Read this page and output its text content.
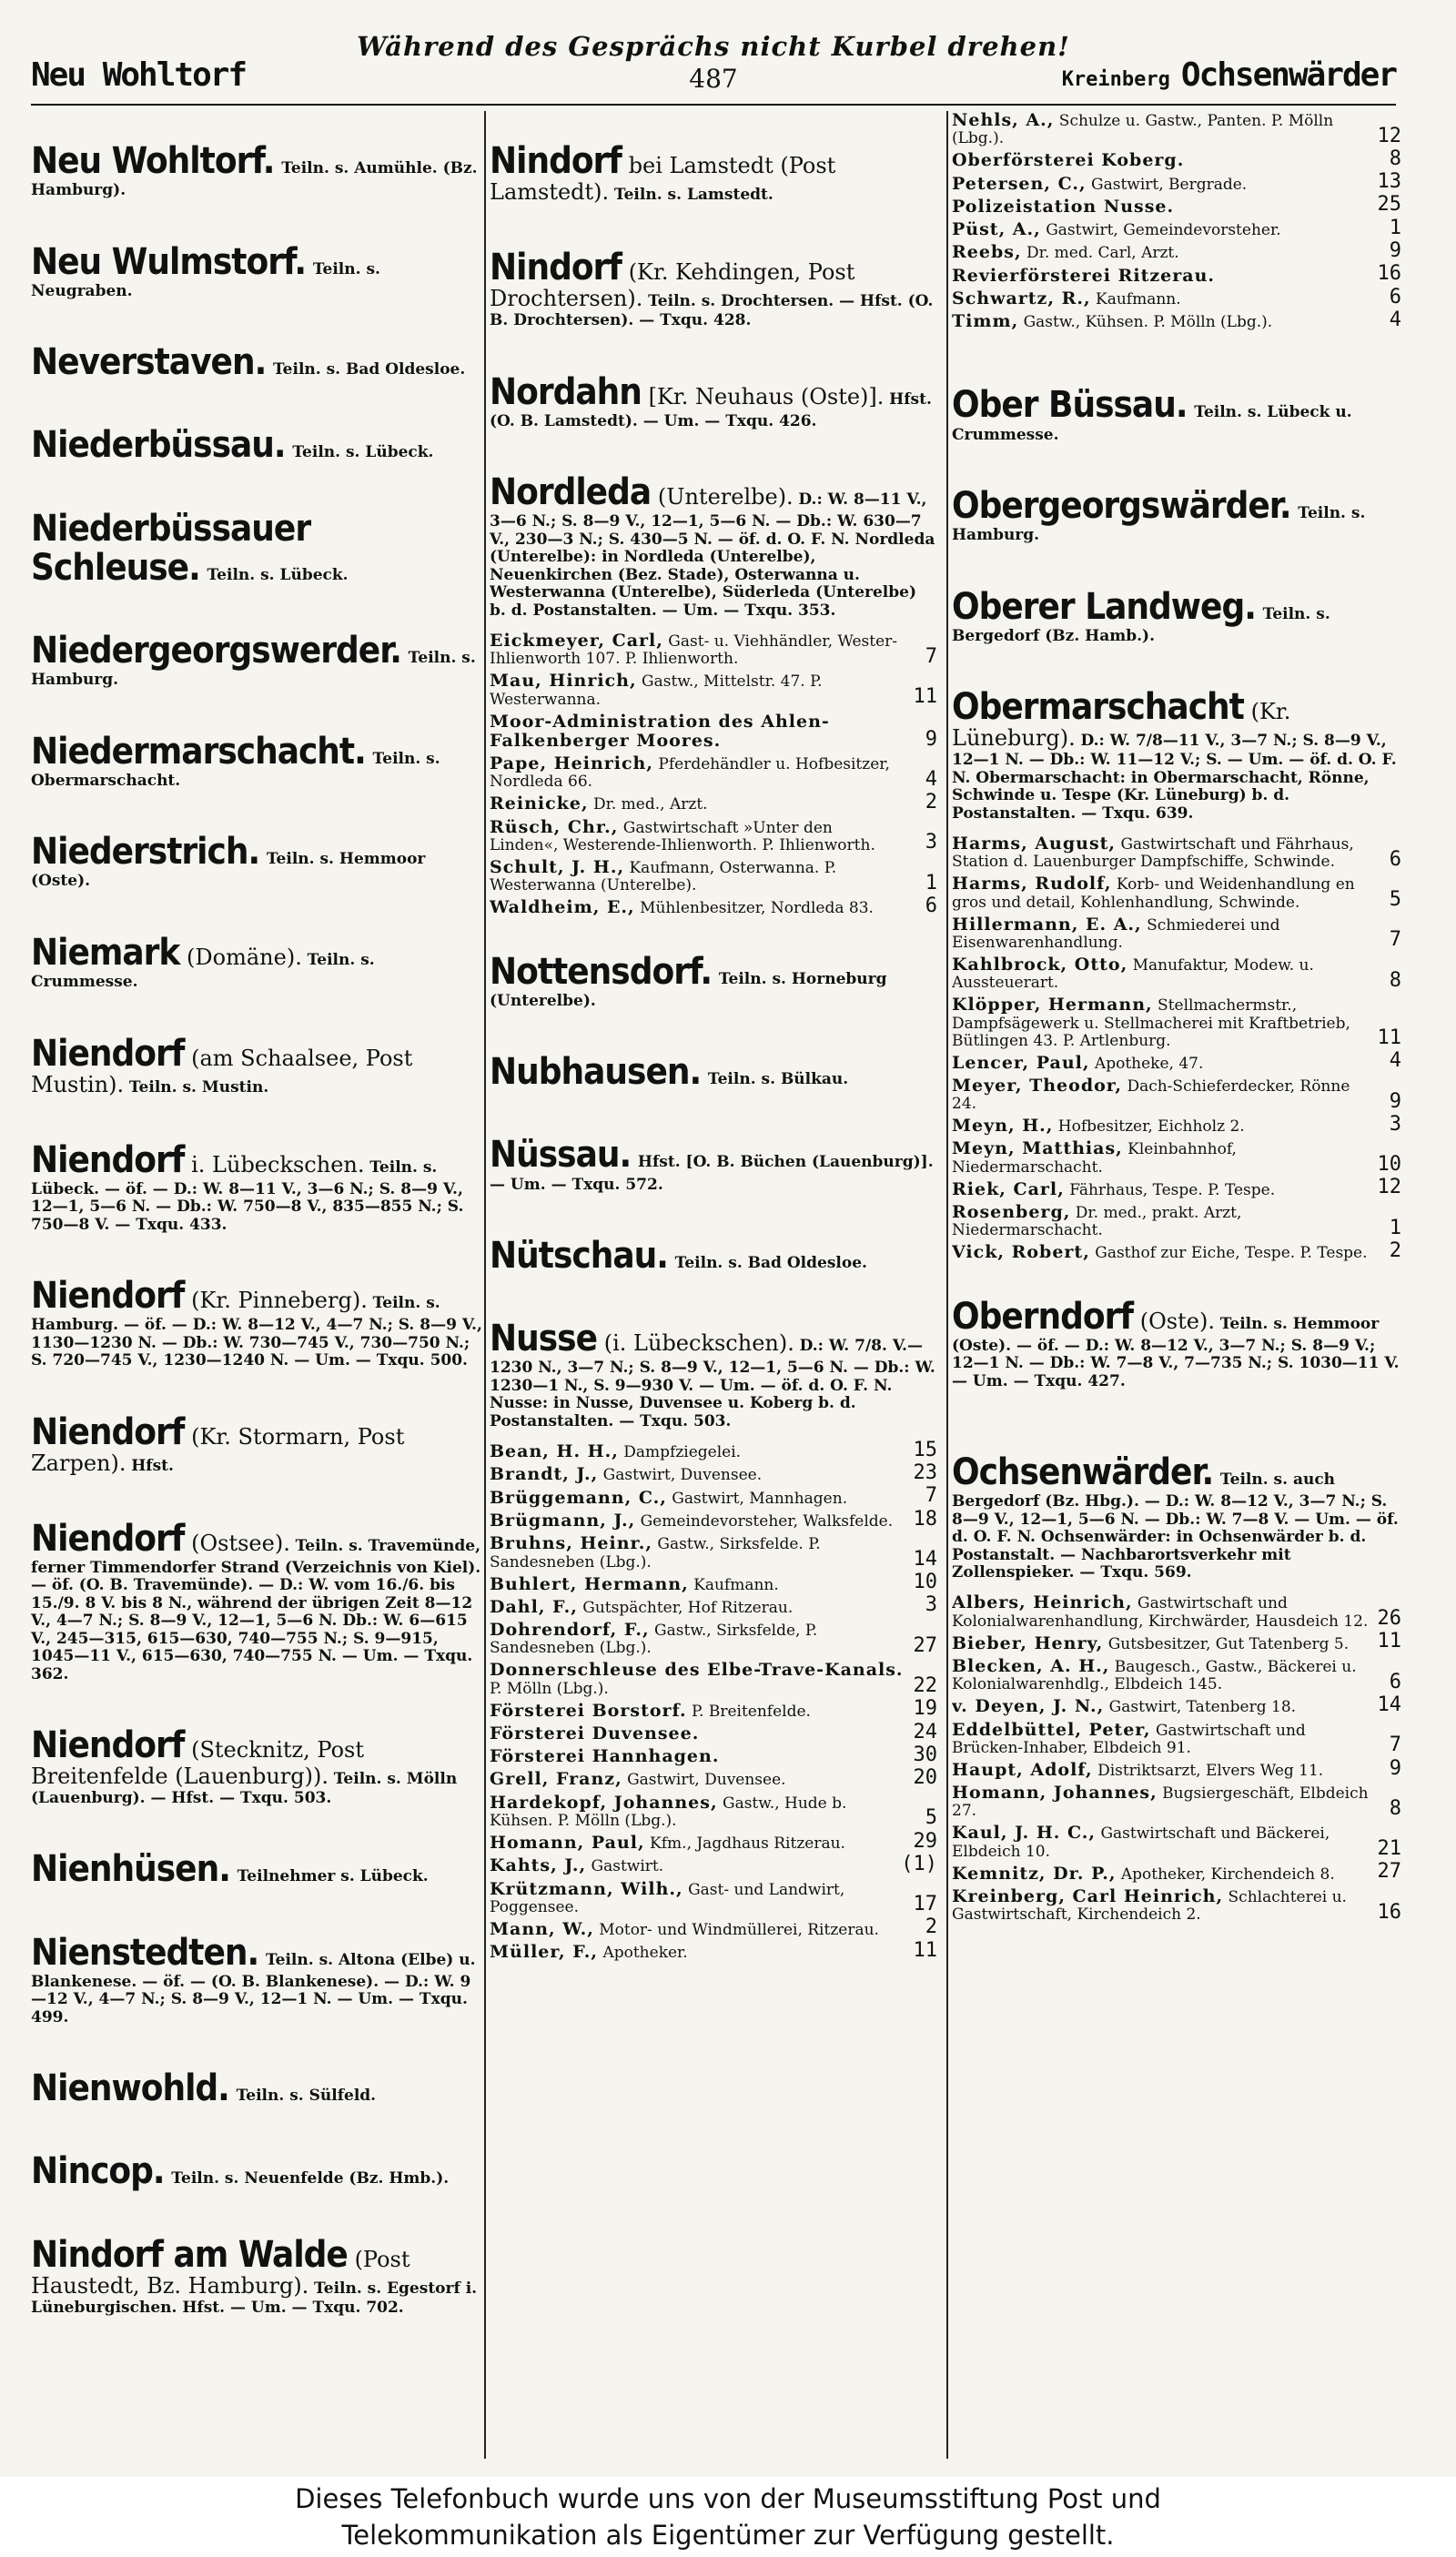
Während des Gesprächs nicht Kurbel drehen!
Neu Wohltorf	487	Kreinberg Ochsenwärder
Neu Wohltorf. Teiln. s. Aumühle. (Bz. Hamburg).
Neu Wulmstorf. Teiln. s. Neugraben.
Neverstaven. Teiln. s. Bad Oldesloe.
Niederbüssau. Teiln. s. Lübeck.
Niederbüssauer Schleuse. Teiln. s. Lübeck.
Niedergeorgswerder. Teiln. s. Hamburg.
Niedermarschacht. Teiln. s. Obermarschacht.
Niederstrich. Teiln. s. Hemmoor (Oste).
Niemark (Domäne). Teiln. s. Crummesse.
Niendorf (am Schaalsee, Post Mustin). Teiln. s. Mustin.
Niendorf i. Lübeckschen. Teiln. s. Lübeck. — öf. — D.: W. 8—11 V., 3—6 N.; S. 8—9 V., 12—1, 5—6 N. — Db.: W. 750—8 V., 835—855 N.; S. 750—8 V. — Txqu. 433.
Niendorf (Kr. Pinneberg). Teiln. s. Hamburg. — öf. — D.: W. 8—12 V., 4—7 N.; S. 8—9 V., 1130—1230 N. — Db.: W. 730—745 V., 730—750 N.; S. 720—745 V., 1230—1240 N. — Um. — Txqu. 500.
Niendorf (Kr. Stormarn, Post Zarpen). Hfst.
Niendorf (Ostsee). Teiln. s. Travemünde, ferner Timmendorfer Strand (Verzeichnis von Kiel). — öf. (O. B. Travemünde). — D.: W. vom 16./6. bis 15./9. 8 V. bis 8 N., während der übrigen Zeit 8—12 V., 4—7 N.; S. 8—9 V., 12—1, 5—6 N. Db.: W. 6—615 V., 245—315, 615—630, 740—755 N.; S. 9—915, 1045—11 V., 615—630, 740—755 N. — Um. — Txqu. 362.
Niendorf (Stecknitz, Post Breitenfelde (Lauenburg)). Teiln. s. Mölln (Lauenburg). — Hfst. — Txqu. 503.
Nienhüsen. Teilnehmer s. Lübeck.
Nienstedten. Teiln. s. Altona (Elbe) u. Blankenese. — öf. — (O. B. Blankenese). — D.: W. 9—12 V., 4—7 N.; S. 8—9 V., 12—1 N. — Um. — Txqu. 499.
Nienwohld. Teiln. s. Sülfeld.
Nincop. Teiln. s. Neuenfelde (Bz. Hmb.).
Nindorf am Walde (Post Haustedt, Bz. Hamburg). Teiln. s. Egestorf i. Lüneburgischen. Hfst. — Um. — Txqu. 702.
Nindorf bei Lamstedt (Post Lamstedt). Teiln. s. Lamstedt.
Nindorf (Kr. Kehdingen, Post Drochtersen). Teiln. s. Drochtersen. — Hfst. (O. B. Drochtersen). — Txqu. 428.
Nordahn [Kr. Neuhaus (Oste)]. Hfst. (O. B. Lamstedt). — Um. — Txqu. 426.
Nordleda (Unterelbe). D.: W. 8—11 V., 3—6 N.; S. 8—9 V., 12—1, 5—6 N. — Db.: W. 630—7 V., 230—3 N.; S. 430—5 N. — öf. d. O. F. N. Nordleda (Unterelbe): in Nordleda (Unterelbe), Neuenkirchen (Bez. Stade), Osterwanna u. Westerwanna (Unterelbe), Süderleda (Unterelbe) b. d. Postanstalten. — Um. — Txqu. 353.
Eickmeyer, Carl, Gast- u. Viehhändler, Wester-Ihlienworth 107. P. Ihlienworth.	7
Mau, Hinrich, Gastw., Mittelstr. 47. P. Westerwanna.	11
Moor-Administration des Ahlen-Falkenberger Moores.	9
Pape, Heinrich, Pferdehändler u. Hofbesitzer, Nordleda 66.	4
Reinicke, Dr. med., Arzt.	2
Rüsch, Chr., Gastwirtschaft »Unter den Linden«, Westerende-Ihlienworth. P. Ihlienworth. 3
Schult, J. H., Kaufmann, Osterwanna. P. Westerwanna (Unterelbe).	1
Waldheim, E., Mühlenbesitzer, Nordleda 83.	6
Nottensdorf. Teiln. s. Horneburg (Unterelbe).
Nubhausen. Teiln. s. Bülkau.
Nüssau. Hfst. [O. B. Büchen (Lauenburg)]. — Um. — Txqu. 572.
Nütschau. Teiln. s. Bad Oldesloe.
Nusse (i. Lübeckschen). D.: W. 7/8. V.—1230 N., 3—7 N.; S. 8—9 V., 12—1, 5—6 N. — Db.: W. 1230—1 N., S. 9—930 V. — Um. — öf. d. O. F. N. Nusse: in Nusse, Duvensee u. Koberg b. d. Postanstalten. — Txqu. 503.
Bean, H. H., Dampfziegelei.	15
Brandt, J., Gastwirt, Duvensee.	23
Brüggemann, C., Gastwirt, Mannhagen.	7
Brügmann, J., Gemeindevorsteher, Walksfelde. 18
Bruhns, Heinr., Gastw., Sirksfelde. P. Sandesneben (Lbg.).	14
Buhlert, Hermann, Kaufmann.	10
Dahl, F., Gutspächter, Hof Ritzerau.	3
Dohrendorf, F., Gastw., Sirksfelde, P. Sandesneben (Lbg.).	27
Donnerschleuse des Elbe-Trave-Kanals. P. Mölln (Lbg.).	22
Försterei Borstorf. P. Breitenfelde.	19
Försterei Duvensee.	24
Försterei Hannhagen.	30
Grell, Franz, Gastwirt, Duvensee.	20
Hardekopf, Johannes, Gastw., Hude b. Kühsen. P. Mölln (Lbg.).	5
Homann, Paul, Kfm., Jagdhaus Ritzerau.	29
Kahts, J., Gastwirt.	(1)
Krützmann, Wilh., Gast- und Landwirt, Poggensee.	17
Mann, W., Motor- und Windmüllerei, Ritzerau. 2
Müller, F., Apotheker.	11
Nehls, A., Schulze u. Gastw., Panten. P. Mölln (Lbg.).	12
Oberförsterei Koberg.	8
Petersen, C., Gastwirt, Bergrade.	13
Polizeistation Nusse.	25
Püst, A., Gastwirt, Gemeindevorsteher.	1
Reebs, Dr. med. Carl, Arzt.	9
Revierförsterei Ritzerau.	16
Schwartz, R., Kaufmann.	6
Timm, Gastw., Kühsen. P. Mölln (Lbg.).	4
Ober Büssau. Teiln. s. Lübeck u. Crummesse.
Obergeorgswärder. Teiln. s. Hamburg.
Oberer Landweg. Teiln. s. Bergedorf (Bz. Hamb.).
Obermarschacht (Kr. Lüneburg). D.: W. 7/8—11 V., 3—7 N.; S. 8—9 V., 12—1 N. — Db.: W. 11—12 V.; S. — Um. — öf. d. O. F. N. Obermarschacht: in Obermarschacht, Rönne, Schwinde u. Tespe (Kr. Lüneburg) b. d. Postanstalten. — Txqu. 639.
Harms, August, Gastwirtschaft und Fährhaus, Station d. Lauenburger Dampfschiffe, Schwinde.	6
Harms, Rudolf, Korb- und Weidenhandlung en gros und detail, Kohlenhandlung, Schwinde.	5
Hillermann, E. A., Schmiederei und Eisenwarenhandlung.	7
Kahlbrock, Otto, Manufaktur, Modew. u. Aussteuerart.	8
Klöpper, Hermann, Stellmachermstr., Dampfsägewerk u. Stellmacherei mit Kraftbetrieb, Bütlingen 43. P. Artlenburg.	11
Lencer, Paul, Apotheke, 47.	4
Meyer, Theodor, Dach-Schieferdecker, Rönne 24.	9
Meyn, H., Hofbesitzer, Eichholz 2.	3
Meyn, Matthias, Kleinbahnhof, Niedermarschacht.	10
Riek, Carl, Fährhaus, Tespe. P. Tespe.	12
Rosenberg, Dr. med., prakt. Arzt, Niedermarschacht.	1
Vick, Robert, Gasthof zur Eiche, Tespe. P. Tespe. 2
Oberndorf (Oste). Teiln. s. Hemmoor (Oste). — öf. — D.: W. 8—12 V., 3—7 N.; S. 8—9 V.; 12—1 N. — Db.: W. 7—8 V., 7—735 N.; S. 1030—11 V. — Um. — Txqu. 427.
Ochsenwärder. Teiln. s. auch Bergedorf (Bz. Hbg.). — D.: W. 8—12 V., 3—7 N.; S. 8—9 V., 12—1, 5—6 N. — Db.: W. 7—8 V. — Um. — öf. d. O. F. N. Ochsenwärder: in Ochsenwärder b. d. Postanstalt. — Nachbarortsverkehr mit Zollenspieker. — Txqu. 569.
Albers, Heinrich, Gastwirtschaft und Kolonialwarenhandlung, Kirchwärder, Hausdeich 12. 26
Bieber, Henry, Gutsbesitzer, Gut Tatenberg 5. 11
Blecken, A. H., Baugesch., Gastw., Bäckerei u. Kolonialwarenhdlg., Elbdeich 145.	6
v. Deyen, J. N., Gastwirt, Tatenberg 18.	14
Eddelbüttel, Peter, Gastwirtschaft und Brücken-Inhaber, Elbdeich 91.	7
Haupt, Adolf, Distriktsarzt, Elvers Weg 11.	9
Homann, Johannes, Bugsiergeschäft, Elbdeich 27.	8
Kaul, J. H. C., Gastwirtschaft und Bäckerei, Elbdeich 10.	21
Kemnitz, Dr. P., Apotheker, Kirchendeich 8. 27
Kreinberg, Carl Heinrich, Schlachterei u. Gastwirtschaft, Kirchendeich 2.	16
Dieses Telefonbuch wurde uns von der Museumsstiftung Post und
Telekommunikation als Eigentümer zur Verfügung gestellt.
